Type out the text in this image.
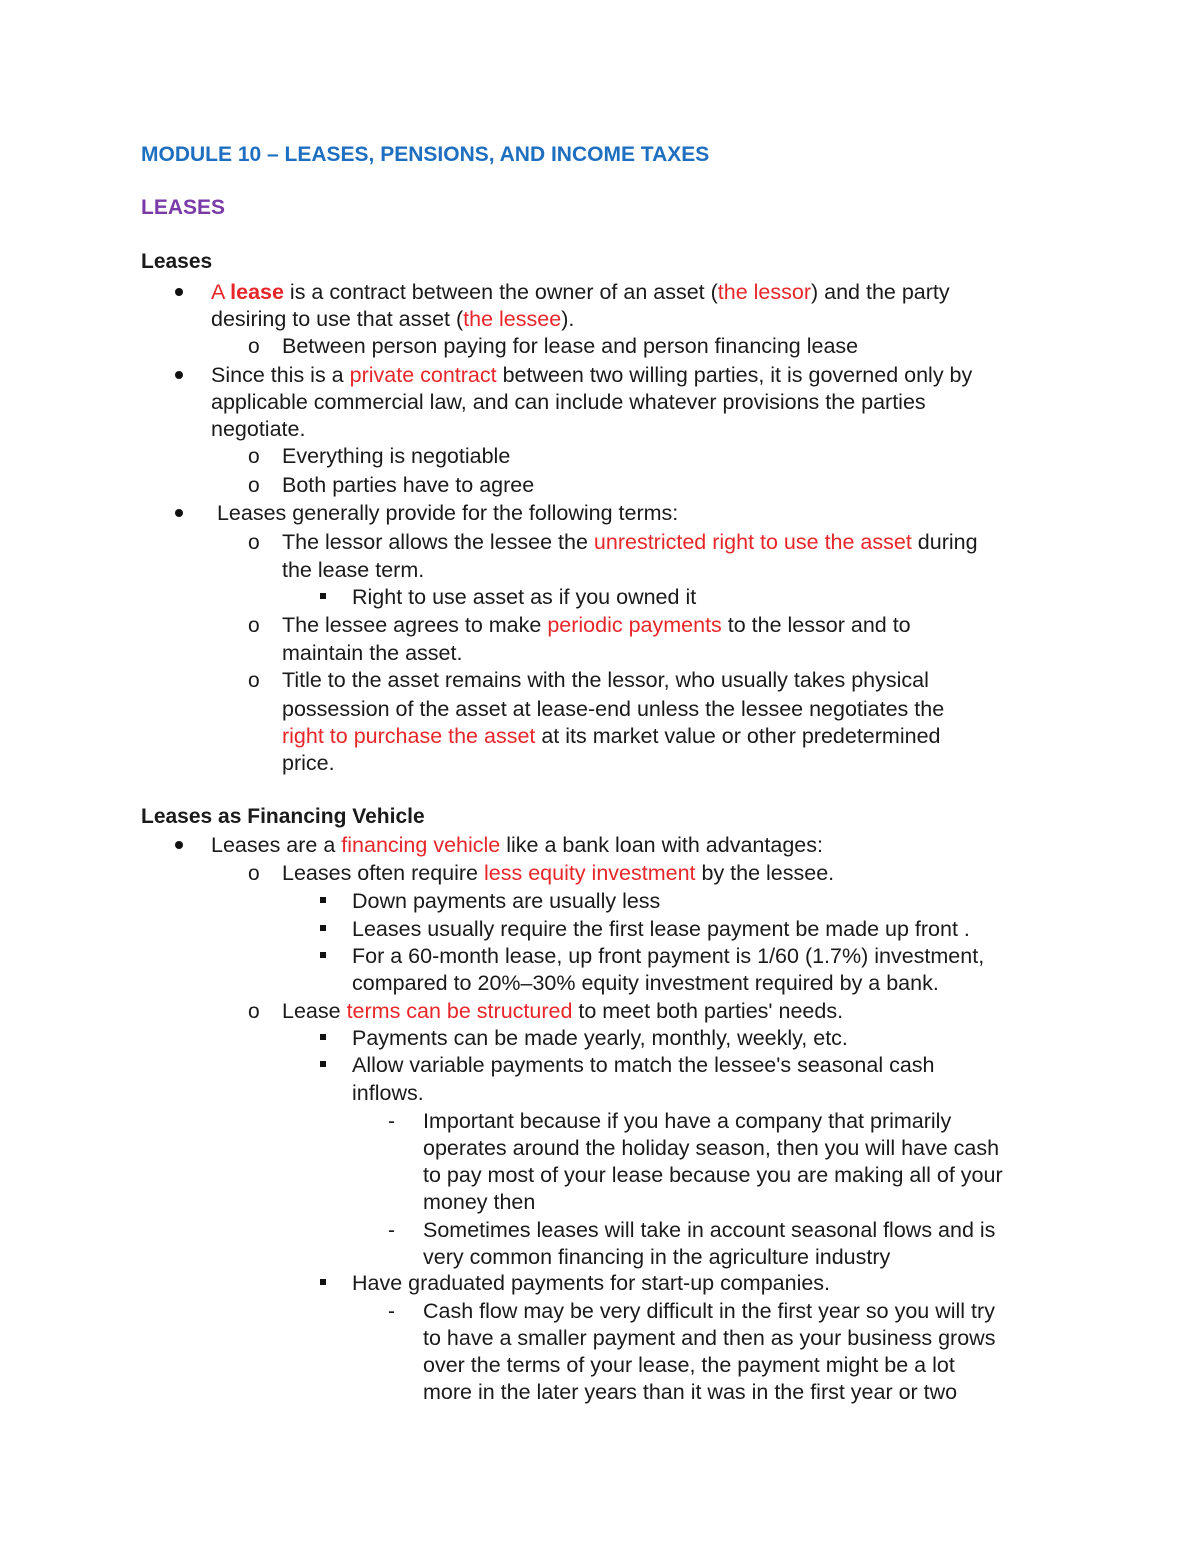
MODULE 10 – LEASES, PENSIONS, AND INCOME TAXES
LEASES
Leases
A lease is a contract between the owner of an asset (the lessor) and the party
desiring to use that asset (the lessee).
o Between person paying for lease and person financing lease
Since this is a private contract between two willing parties, it is governed only by
applicable commercial law, and can include whatever provisions the parties
negotiate.
o Everything is negotiable
o Both parties have to agree
Leases generally provide for the following terms:
o The lessor allows the lessee the unrestricted right to use the asset during
the lease term.
Right to use asset as if you owned it
o The lessee agrees to make periodic payments to the lessor and to
maintain the asset.
o Title to the asset remains with the lessor, who usually takes physical
possession of the asset at lease-end unless the lessee negotiates the
right to purchase the asset at its market value or other predetermined
price.
Leases as Financing Vehicle
Leases are a financing vehicle like a bank loan with advantages:
o Leases often require less equity investment by the lessee.
Down payments are usually less
Leases usually require the first lease payment be made up front .
For a 60-month lease, up front payment is 1/60 (1.7%) investment,
compared to 20%–30% equity investment required by a bank.
o Lease terms can be structured to meet both parties' needs.
Payments can be made yearly, monthly, weekly, etc.
Allow variable payments to match the lessee's seasonal cash
inflows.
- Important because if you have a company that primarily
operates around the holiday season, then you will have cash
to pay most of your lease because you are making all of your
money then
- Sometimes leases will take in account seasonal flows and is
very common financing in the agriculture industry
Have graduated payments for start-up companies.
- Cash flow may be very difficult in the first year so you will try
to have a smaller payment and then as your business grows
over the terms of your lease, the payment might be a lot
more in the later years than it was in the first year or two
